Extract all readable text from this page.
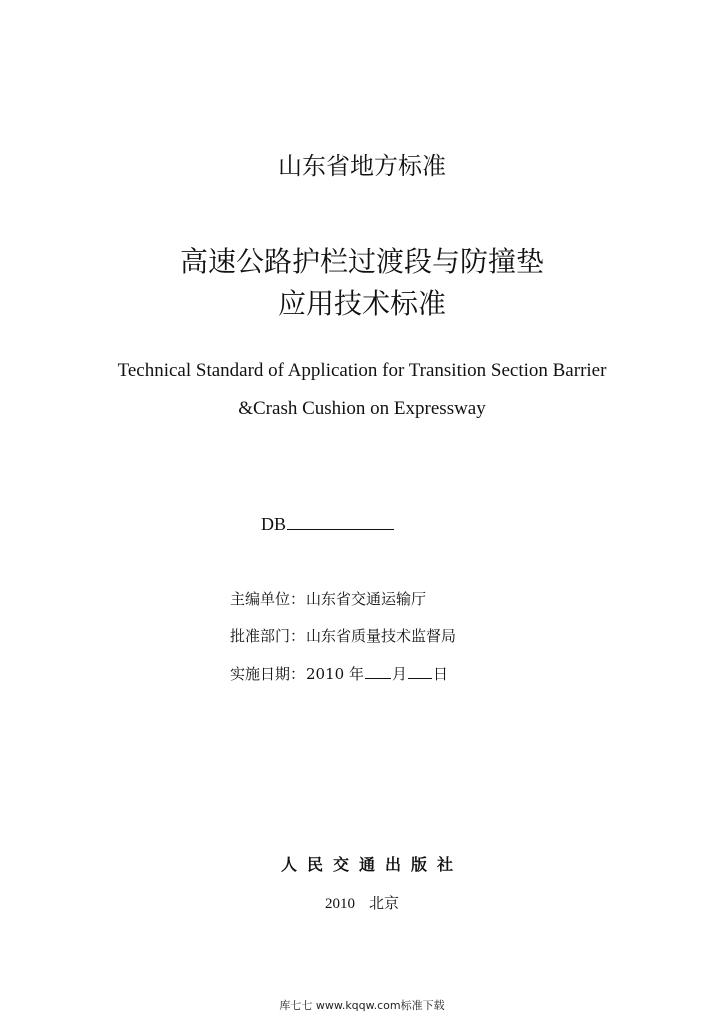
山东省地方标准
高速公路护栏过渡段与防撞垫
应用技术标准
Technical Standard of Application for Transition Section Barrier
&Crash Cushion on Expressway
DB
主编单位：山东省交通运输厅
批准部门：山东省质量技术监督局
实施日期：2010 年 月 日
人民交通出版社
2010 北京
库七七 www.kqqw.com标准下载
